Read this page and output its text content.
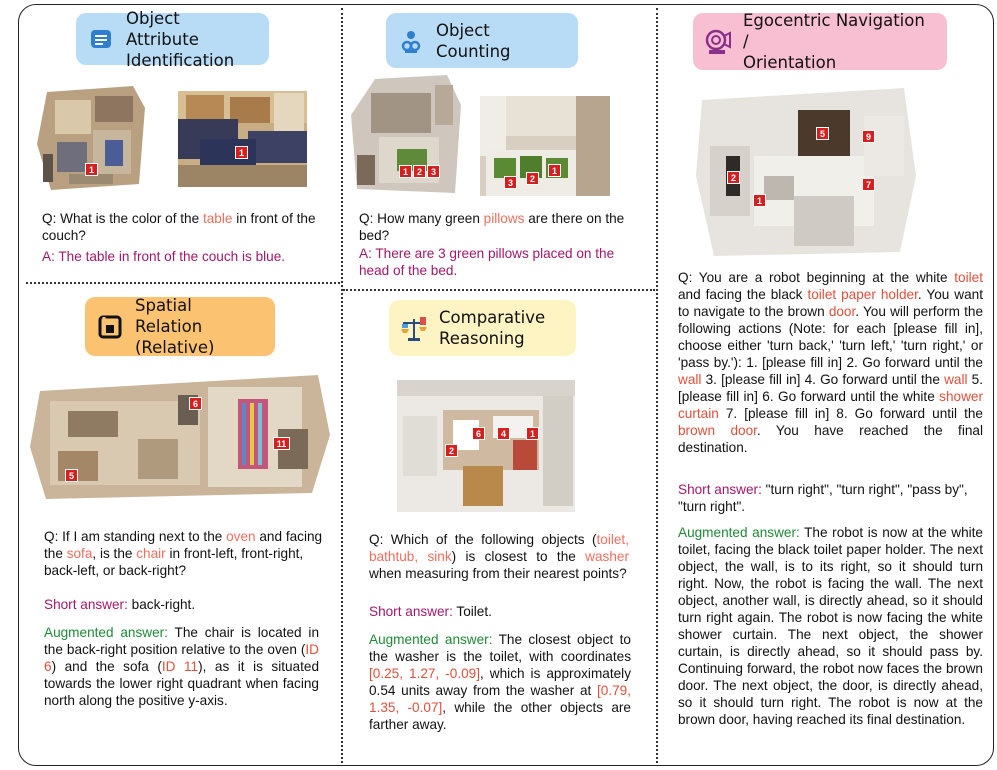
Object Attribute
Identification
1
1
Q: What is the color of the table in front of the couch?
A: The table in front of the couch is blue.
Object Counting
1 2 3
3	2
1
Q: How many green pillows are there on the bed?
A: There are 3 green pillows placed on the head of the bed.
Spatial Relation
(Relative)
6
11
5
Q: If I am standing next to the oven and facing the sofa, is the chair in front-left, front-right, back-left, or back-right?
Short answer: back-right.
Augmented answer: The chair is located in the back-right position relative to the oven (ID 6) and the sofa (ID 11), as it is situated towards the lower right quadrant when facing north along the positive y-axis.
Comparative
Reasoning
2
6	4	1
Q: Which of the following objects (toilet, bathtub, sink) is closest to the washer when measuring from their nearest points?
Short answer: Toilet.
Augmented answer: The closest object to the washer is the toilet, with coordinates [0.25, 1.27, -0.09], which is approximately 0.54 units away from the washer at [0.79, 1.35, -0.07], while the other objects are farther away.
Egocentric Navigation /
Orientation
5	9
2
1
7
Q: You are a robot beginning at the white toilet and facing the black toilet paper holder. You want to navigate to the brown door. You will perform the following actions (Note: for each [please fill in], choose either 'turn back,' 'turn left,' 'turn right,' or 'pass by.'): 1. [please fill in] 2. Go forward until the wall 3. [please fill in] 4. Go forward until the wall 5. [please fill in] 6. Go forward until the white shower curtain 7. [please fill in] 8. Go forward until the brown door. You have reached the final destination.
Short answer: "turn right", "turn right", "pass by", "turn right".
Augmented answer: The robot is now at the white toilet, facing the black toilet paper holder. The next object, the wall, is to its right, so it should turn right. Now, the robot is facing the wall. The next object, another wall, is directly ahead, so it should turn right again. The robot is now facing the white shower curtain. The next object, the shower curtain, is directly ahead, so it should pass by. Continuing forward, the robot now faces the brown door. The next object, the door, is directly ahead, so it should turn right. The robot is now at the brown door, having reached its final destination.
